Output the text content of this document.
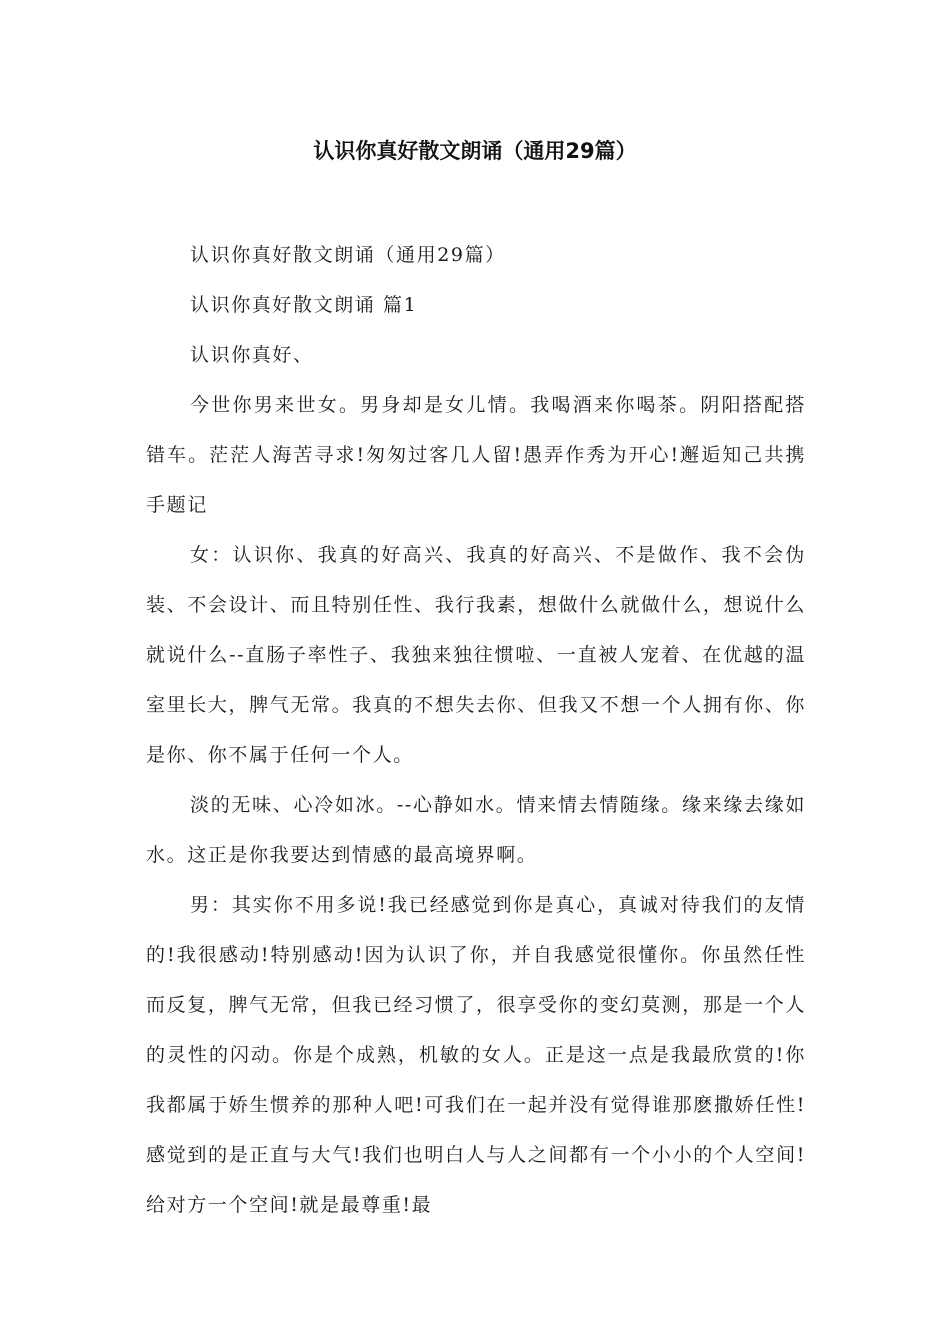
认识你真好散文朗诵（通用29篇）

认识你真好散文朗诵（通用29篇）

认识你真好散文朗诵 篇1

认识你真好、

今世你男来世女。男身却是女儿情。我喝酒来你喝茶。阴阳搭配搭错车。茫茫人海苦寻求!匆匆过客几人留!愚弄作秀为开心!邂逅知己共携手题记

女：认识你、我真的好高兴、我真的好高兴、不是做作、我不会伪装、不会设计、而且特别任性、我行我素，想做什么就做什么，想说什么就说什么--直肠子率性子、我独来独往惯啦、一直被人宠着、在优越的温室里长大，脾气无常。我真的不想失去你、但我又不想一个人拥有你、你是你、你不属于任何一个人。

淡的无味、心冷如冰。--心静如水。情来情去情随缘。缘来缘去缘如水。这正是你我要达到情感的最高境界啊。

男：其实你不用多说!我已经感觉到你是真心，真诚对待我们的友情的!我很感动!特别感动!因为认识了你，并自我感觉很懂你。你虽然任性而反复，脾气无常，但我已经习惯了，很享受你的变幻莫测，那是一个人的灵性的闪动。你是个成熟，机敏的女人。正是这一点是我最欣赏的!你我都属于娇生惯养的那种人吧!可我们在一起并没有觉得谁那麽撒娇任性!感觉到的是正直与大气!我们也明白人与人之间都有一个小小的个人空间!给对方一个空间!就是最尊重!最
